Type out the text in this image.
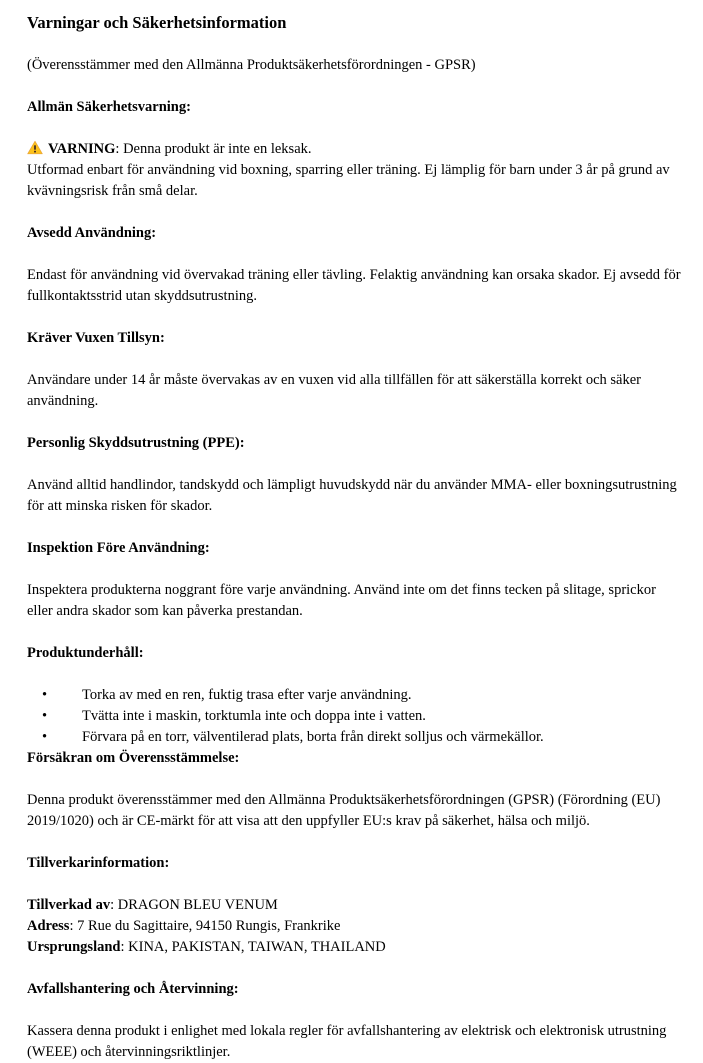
Varningar och Säkerhetsinformation

(Överensstämmer med den Allmänna Produktsäkerhetsförordningen - GPSR)

Allmän Säkerhetsvarning:

VARNING: Denna produkt är inte en leksak.
Utformad enbart för användning vid boxning, sparring eller träning. Ej lämplig för barn under 3 år på grund av kvävningsrisk från små delar.

Avsedd Användning:

Endast för användning vid övervakad träning eller tävling. Felaktig användning kan orsaka skador. Ej avsedd för fullkontaktsstrid utan skyddsutrustning.

Kräver Vuxen Tillsyn:

Användare under 14 år måste övervakas av en vuxen vid alla tillfällen för att säkerställa korrekt och säker användning.

Personlig Skyddsutrustning (PPE):

Använd alltid handlindor, tandskydd och lämpligt huvudskydd när du använder MMA- eller boxningsutrustning för att minska risken för skador.

Inspektion Före Användning:

Inspektera produkterna noggrant före varje användning. Använd inte om det finns tecken på slitage, sprickor eller andra skador som kan påverka prestandan.

Produktunderhåll:

• Torka av med en ren, fuktig trasa efter varje användning.
• Tvätta inte i maskin, torktumla inte och doppa inte i vatten.
• Förvara på en torr, välventilerad plats, borta från direkt solljus och värmekällor.

Försäkran om Överensstämmelse:

Denna produkt överensstämmer med den Allmänna Produktsäkerhetsförordningen (GPSR) (Förordning (EU) 2019/1020) och är CE-märkt för att visa att den uppfyller EU:s krav på säkerhet, hälsa och miljö.

Tillverkarinformation:

Tillverkad av: DRAGON BLEU VENUM
Adress: 7 Rue du Sagittaire, 94150 Rungis, Frankrike
Ursprungsland: KINA, PAKISTAN, TAIWAN, THAILAND

Avfallshantering och Återvinning:

Kassera denna produkt i enlighet med lokala regler för avfallshantering av elektrisk och elektronisk utrustning (WEEE) och återvinningsriktlinjer.
